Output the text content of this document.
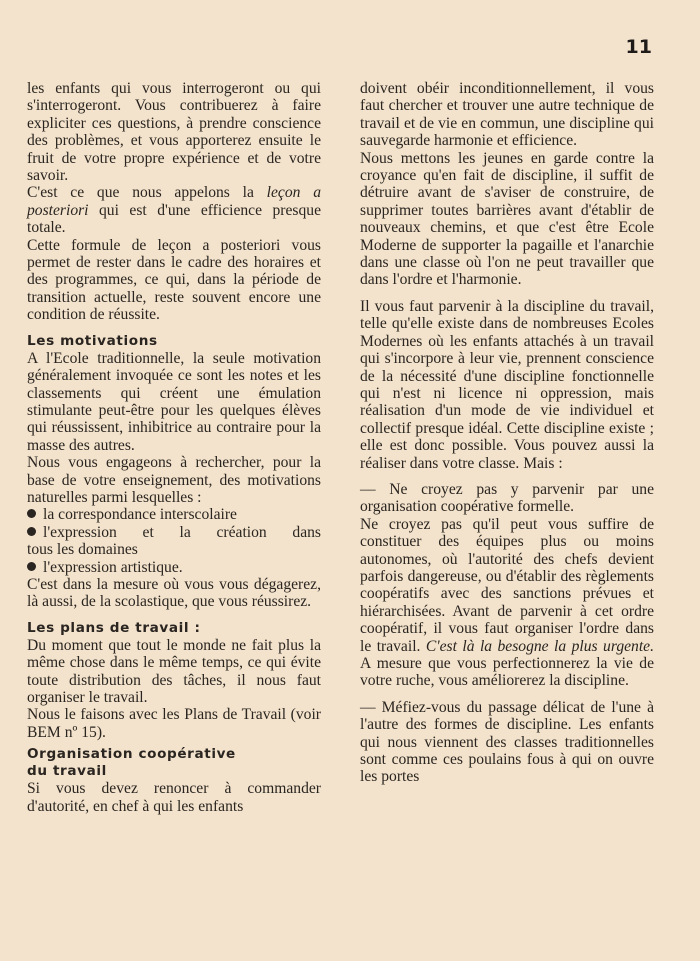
11

les enfants qui vous interrogeront ou qui s'interrogeront. Vous contribuerez à faire expliciter ces questions, à prendre conscience des problèmes, et vous apporterez ensuite le fruit de votre propre expérience et de votre savoir.

C'est ce que nous appelons la leçon a posteriori qui est d'une efficience presque totale.

Cette formule de leçon a posteriori vous permet de rester dans le cadre des horaires et des programmes, ce qui, dans la période de transition actuelle, reste souvent encore une condition de réussite.

Les motivations

A l'Ecole traditionnelle, la seule motivation généralement invoquée ce sont les notes et les classements qui créent une émulation stimulante peut-être pour les quelques élèves qui réussissent, inhibitrice au contraire pour la masse des autres.

Nous vous engageons à rechercher, pour la base de votre enseignement, des motivations naturelles parmi lesquelles :

la correspondance interscolaire
l'expression et la création dans

tous les domaines

l'expression artistique.

C'est dans la mesure où vous vous dégagerez, là aussi, de la scolastique, que vous réussirez.

Les plans de travail :

Du moment que tout le monde ne fait plus la même chose dans le même temps, ce qui évite toute distribution des tâches, il nous faut organiser le travail.

Nous le faisons avec les Plans de Travail (voir BEM nº 15).

Organisation coopérative
du travail

Si vous devez renoncer à commander d'autorité, en chef à qui les enfants

doivent obéir inconditionnellement, il vous faut chercher et trouver une autre technique de travail et de vie en commun, une discipline qui sauvegarde harmonie et efficience.

Nous mettons les jeunes en garde contre la croyance qu'en fait de discipline, il suffit de détruire avant de s'aviser de construire, de supprimer toutes barrières avant d'établir de nouveaux chemins, et que c'est être Ecole Moderne de supporter la pagaille et l'anarchie dans une classe où l'on ne peut travailler que dans l'ordre et l'harmonie.

Il vous faut parvenir à la discipline du travail, telle qu'elle existe dans de nombreuses Ecoles Modernes où les enfants attachés à un travail qui s'incorpore à leur vie, prennent conscience de la nécessité d'une discipline fonctionnelle qui n'est ni licence ni oppression, mais réalisation d'un mode de vie individuel et collectif presque idéal. Cette discipline existe ; elle est donc possible. Vous pouvez aussi la réaliser dans votre classe. Mais :

— Ne croyez pas y parvenir par une organisation coopérative formelle.

Ne croyez pas qu'il peut vous suffire de constituer des équipes plus ou moins autonomes, où l'autorité des chefs devient parfois dangereuse, ou d'établir des règlements coopératifs avec des sanctions prévues et hiérarchisées. Avant de parvenir à cet ordre coopératif, il vous faut organiser l'ordre dans le travail. C'est là la besogne la plus urgente. A mesure que vous perfectionnerez la vie de votre ruche, vous améliorerez la discipline.

— Méfiez-vous du passage délicat de l'une à l'autre des formes de discipline. Les enfants qui nous viennent des classes traditionnelles sont comme ces poulains fous à qui on ouvre les portes
